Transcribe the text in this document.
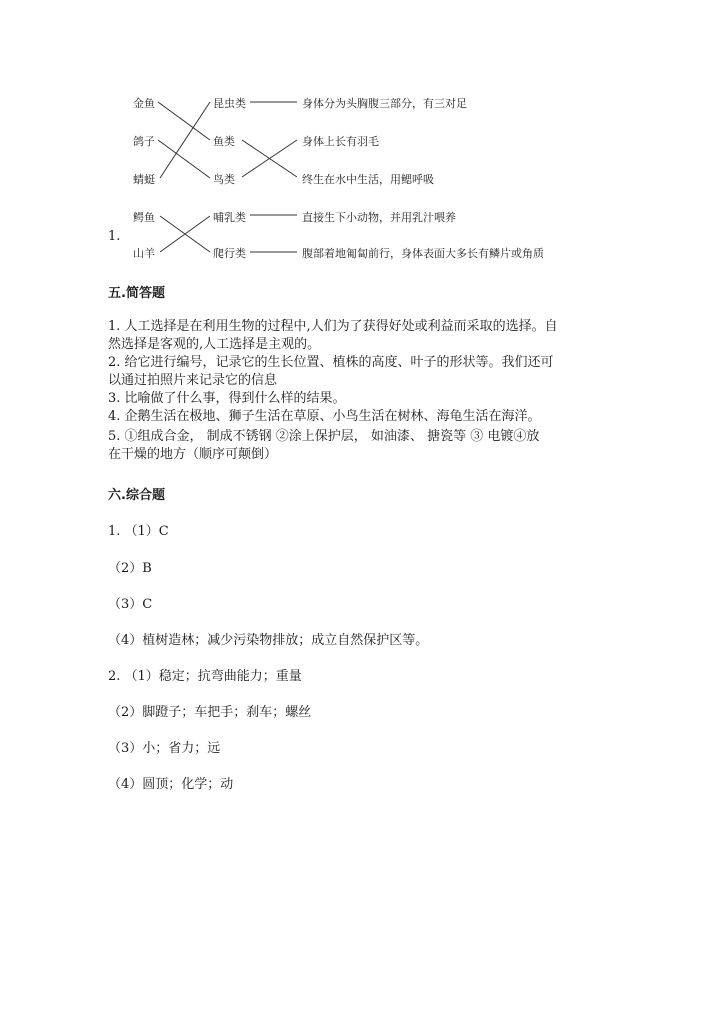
金鱼
鸽子
蜻蜓
昆虫类
鱼类
鸟类
身体分为头胸腹三部分，有三对足
身体上长有羽毛
终生在水中生活，用鳃呼吸
鳄鱼
山羊
哺乳类
爬行类
直接生下小动物，并用乳汁喂养
腹部着地匍匐前行，身体表面大多长有鳞片或角质
1.
五.简答题
1. 人工选择是在利用生物的过程中,人们为了获得好处或利益而采取的选择。自
然选择是客观的,人工选择是主观的。
2. 给它进行编号，记录它的生长位置、植株的高度、叶子的形状等。我们还可
以通过拍照片来记录它的信息
3. 比喻做了什么事，得到什么样的结果。
4. 企鹅生活在极地、狮子生活在草原、小鸟生活在树林、海龟生活在海洋。
5. ①组成合金， 制成不锈钢 ②涂上保护层， 如油漆、 搪瓷等 ③ 电镀④放
在干燥的地方（顺序可颠倒）
六.综合题
1. （1）C
（2）B
（3）C
（4）植树造林；减少污染物排放；成立自然保护区等。
2. （1）稳定；抗弯曲能力；重量
（2）脚蹬子；车把手；刹车；螺丝
（3）小；省力；远
（4）圆顶；化学；动
